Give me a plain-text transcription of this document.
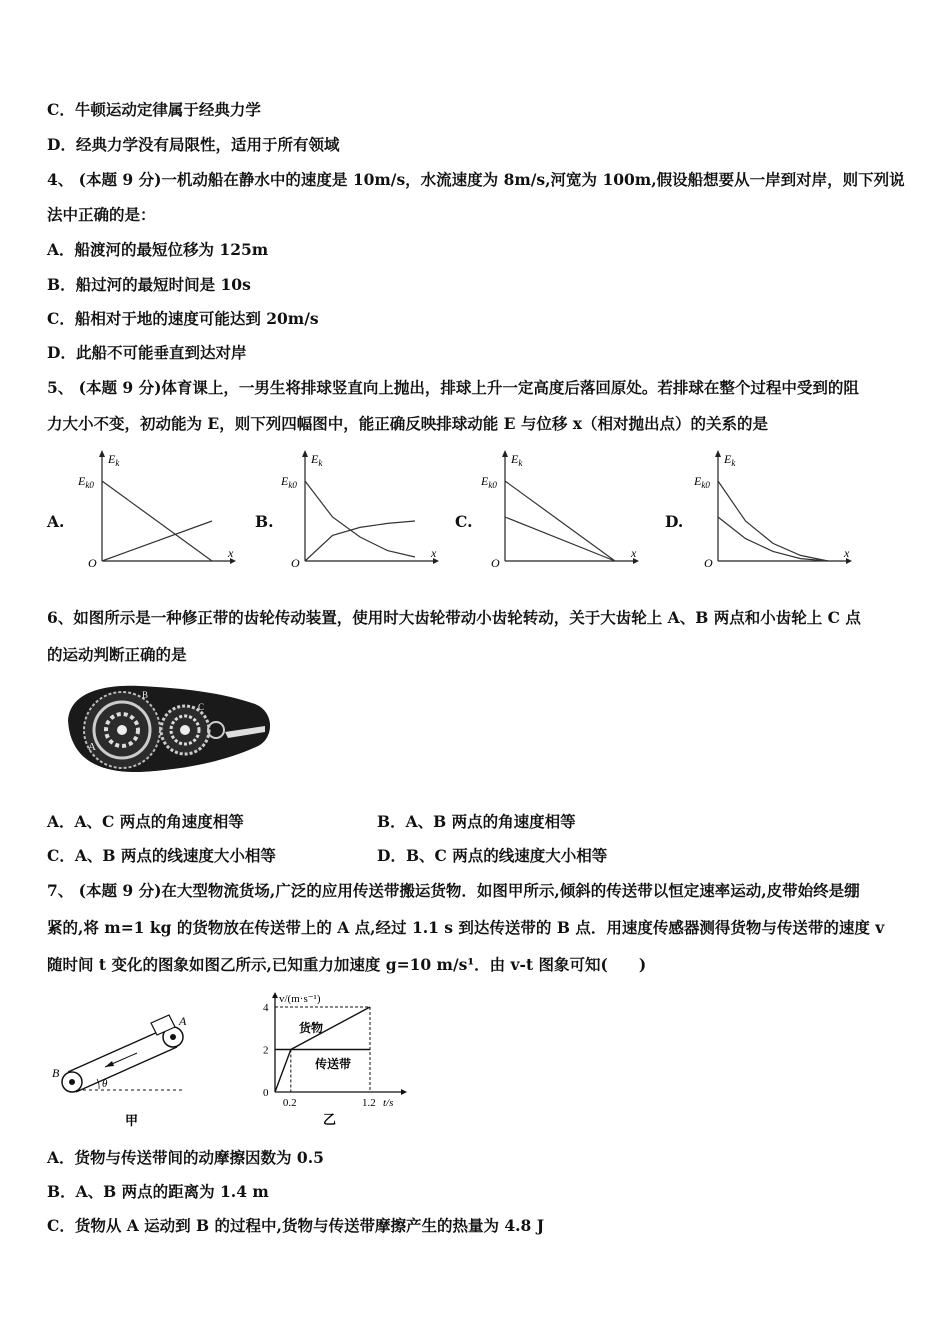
C．牛顿运动定律属于经典力学
D．经典力学没有局限性，适用于所有领域
4、 (本题 9 分)一机动船在静水中的速度是 10m/s，水流速度为 8m/s,河宽为 100m,假设船想要从一岸到对岸，则下列说
法中正确的是：
A．船渡河的最短位移为 125m
B．船过河的最短时间是 10s
C．船相对于地的速度可能达到 20m/s
D．此船不可能垂直到达对岸
5、 (本题 9 分)体育课上，一男生将排球竖直向上抛出，排球上升一定高度后落回原处。若排球在整个过程中受到的阻
力大小不变，初动能为 E，则下列四幅图中，能正确反映排球动能 E 与位移 x（相对抛出点）的关系的是
A.	B.	C.	D.
$E_k$
x
O
$E_{k0}$
$E_k$
x
O
$E_{k0}$
$E_k$
x
O
$E_{k0}$
$E_k$
x
O
$E_{k0}$
6、如图所示是一种修正带的齿轮传动装置，使用时大齿轮带动小齿轮转动，关于大齿轮上 A、B 两点和小齿轮上 C 点
的运动判断正确的是
A
B
C
A．A、C 两点的角速度相等	B．A、B 两点的角速度相等
C．A、B 两点的线速度大小相等	D．B、C 两点的线速度大小相等
7、 (本题 9 分)在大型物流货场,广泛的应用传送带搬运货物．如图甲所示,倾斜的传送带以恒定速率运动,皮带始终是绷
紧的,将 m=1 kg 的货物放在传送带上的 A 点,经过 1.1 s 到达传送带的 B 点．用速度传感器测得货物与传送带的速度 v
随时间 t 变化的图象如图乙所示,已知重力加速度 g=10 m/s¹．由 v-t 图象可知(　　)
θ
A
B
甲
v/(m·s⁻¹)
t/s
4
2
0
0.2	1.2
货物
传送带
乙
A．货物与传送带间的动摩擦因数为 0.5
B．A、B 两点的距离为 1.4 m
C．货物从 A 运动到 B 的过程中,货物与传送带摩擦产生的热量为 4.8 J
